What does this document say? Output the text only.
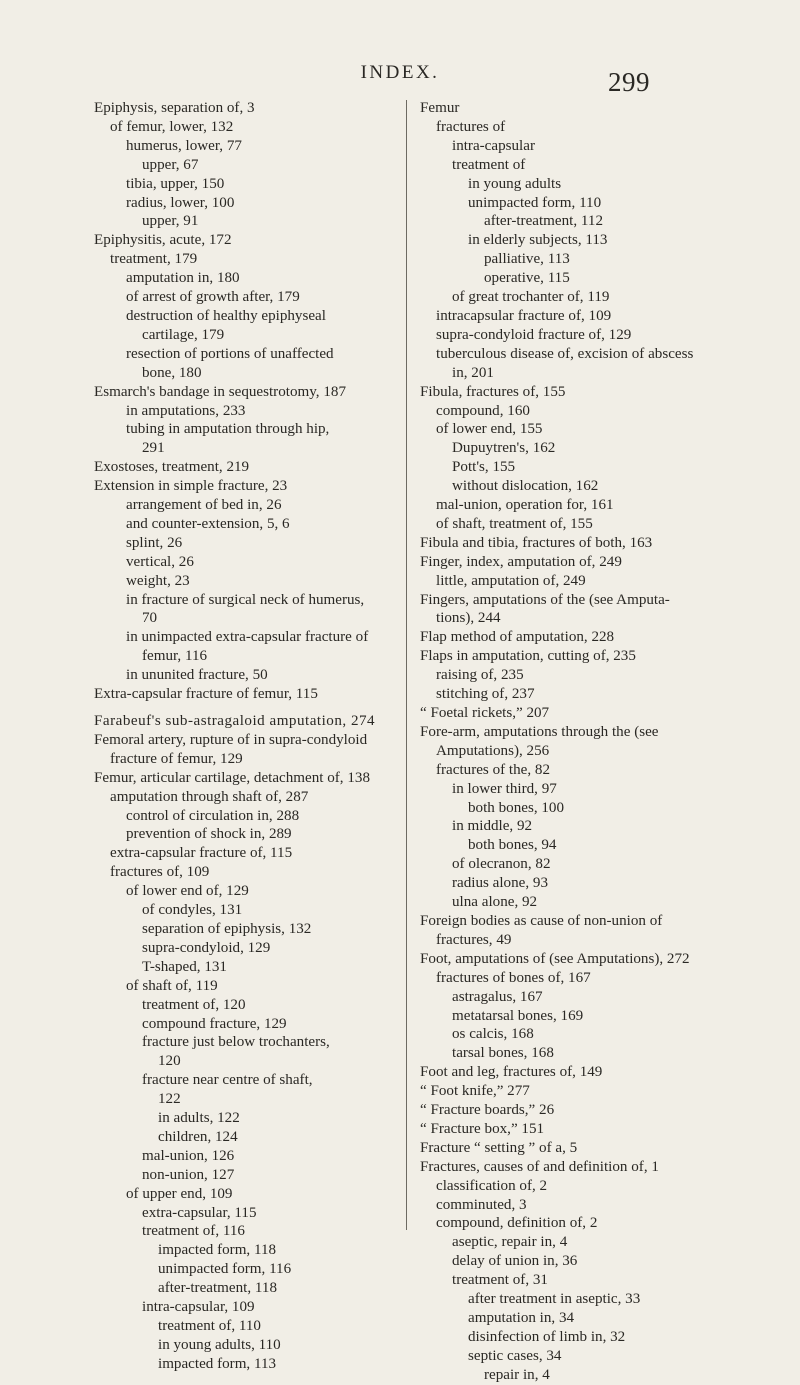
INDEX.	299
Epiphysis, separation of, 3
of femur, lower, 132
humerus, lower, 77
upper, 67
tibia, upper, 150
radius, lower, 100
upper, 91
Epiphysitis, acute, 172
treatment, 179
amputation in, 180
of arrest of growth after, 179
destruction of healthy epiphyseal
cartilage, 179
resection of portions of unaffected
bone, 180
Esmarch's bandage in sequestrotomy, 187
in amputations, 233
tubing in amputation through hip,
291
Exostoses, treatment, 219
Extension in simple fracture, 23
arrangement of bed in, 26
and counter-extension, 5, 6
splint, 26
vertical, 26
weight, 23
in fracture of surgical neck of humerus,
70
in unimpacted extra-capsular fracture of
femur, 116
in ununited fracture, 50
Extra-capsular fracture of femur, 115
Farabeuf's sub-astragaloid amputation, 274
Femoral artery, rupture of in supra-condyloid
fracture of femur, 129
Femur, articular cartilage, detachment of, 138
amputation through shaft of, 287
control of circulation in, 288
prevention of shock in, 289
extra-capsular fracture of, 115
fractures of, 109
of lower end of, 129
of condyles, 131
separation of epiphysis, 132
supra-condyloid, 129
T-shaped, 131
of shaft of, 119
treatment of, 120
compound fracture, 129
fracture just below trochanters,
120
fracture near centre of shaft,
122
in adults, 122
children, 124
mal-union, 126
non-union, 127
of upper end, 109
extra-capsular, 115
treatment of, 116
impacted form, 118
unimpacted form, 116
after-treatment, 118
intra-capsular, 109
treatment of, 110
in young adults, 110
impacted form, 113
Femur
fractures of
intra-capsular
treatment of
in young adults
unimpacted form, 110
after-treatment, 112
in elderly subjects, 113
palliative, 113
operative, 115
of great trochanter of, 119
intracapsular fracture of, 109
supra-condyloid fracture of, 129
tuberculous disease of, excision of abscess
in, 201
Fibula, fractures of, 155
compound, 160
of lower end, 155
Dupuytren's, 162
Pott's, 155
without dislocation, 162
mal-union, operation for, 161
of shaft, treatment of, 155
Fibula and tibia, fractures of both, 163
Finger, index, amputation of, 249
little, amputation of, 249
Fingers, amputations of the (see Amputa-
tions), 244
Flap method of amputation, 228
Flaps in amputation, cutting of, 235
raising of, 235
stitching of, 237
“ Foetal rickets,” 207
Fore-arm, amputations through the (see
Amputations), 256
fractures of the, 82
in lower third, 97
both bones, 100
in middle, 92
both bones, 94
of olecranon, 82
radius alone, 93
ulna alone, 92
Foreign bodies as cause of non-union of
fractures, 49
Foot, amputations of (see Amputations), 272
fractures of bones of, 167
astragalus, 167
metatarsal bones, 169
os calcis, 168
tarsal bones, 168
Foot and leg, fractures of, 149
“ Foot knife,” 277
“ Fracture boards,” 26
“ Fracture box,” 151
Fracture “ setting ” of a, 5
Fractures, causes of and definition of, 1
classification of, 2
comminuted, 3
compound, definition of, 2
aseptic, repair in, 4
delay of union in, 36
treatment of, 31
after treatment in aseptic, 33
amputation in, 34
disinfection of limb in, 32
septic cases, 34
repair in, 4
